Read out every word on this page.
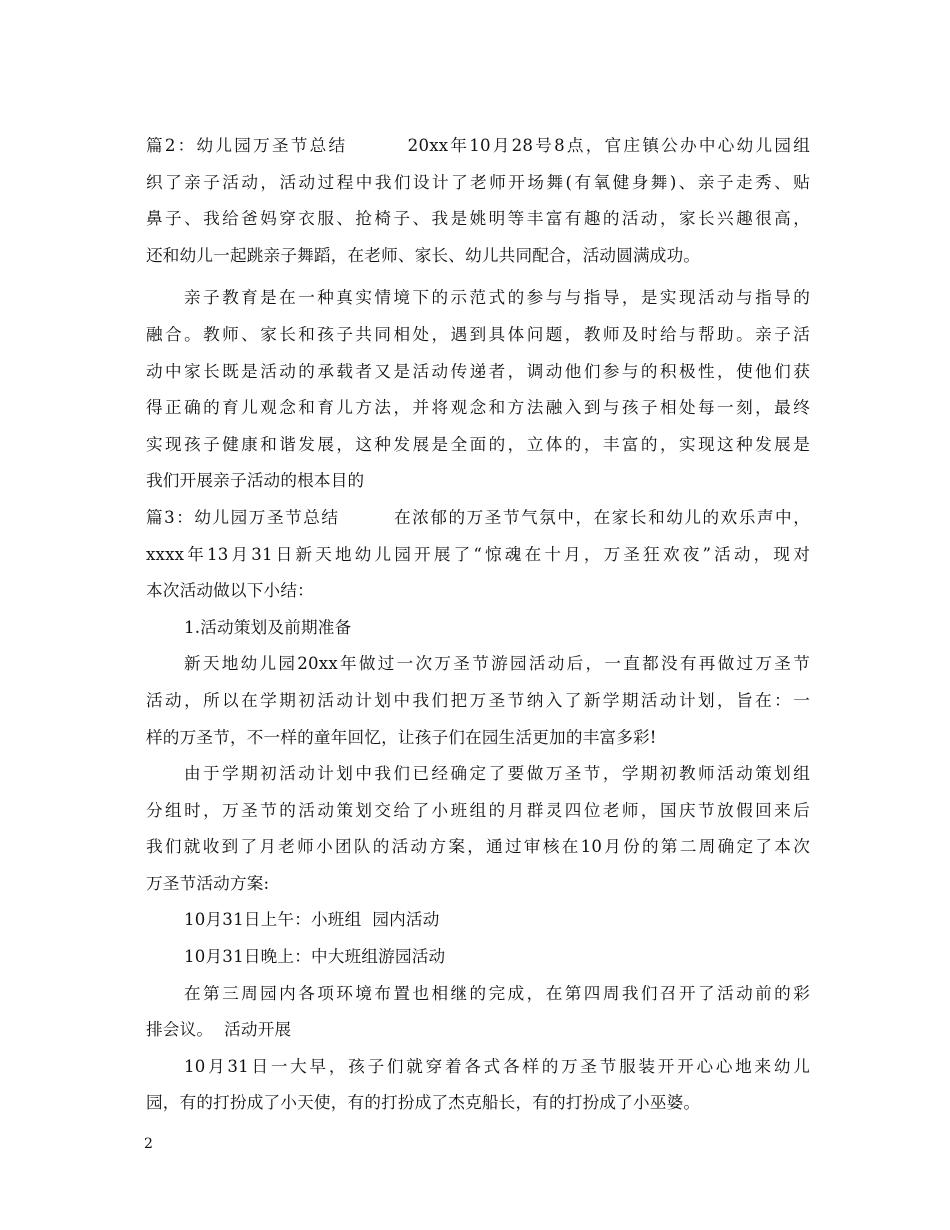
篇2：幼儿园万圣节总结        20xx年10月28号8点，官庄镇公办中心幼儿园组
织了亲子活动，活动过程中我们设计了老师开场舞(有氧健身舞)、亲子走秀、贴
鼻子、我给爸妈穿衣服、抢椅子、我是姚明等丰富有趣的活动，家长兴趣很高，
还和幼儿一起跳亲子舞蹈，在老师、家长、幼儿共同配合，活动圆满成功。
亲子教育是在一种真实情境下的示范式的参与与指导，是实现活动与指导的
融合。教师、家长和孩子共同相处，遇到具体问题，教师及时给与帮助。亲子活
动中家长既是活动的承载者又是活动传递者，调动他们参与的积极性，使他们获
得正确的育儿观念和育儿方法，并将观念和方法融入到与孩子相处每一刻，最终
实现孩子健康和谐发展，这种发展是全面的，立体的，丰富的，实现这种发展是
我们开展亲子活动的根本目的
篇3：幼儿园万圣节总结        在浓郁的万圣节气氛中，在家长和幼儿的欢乐声中，
xxxx年13月31日新天地幼儿园开展了“惊魂在十月，万圣狂欢夜”活动，现对
本次活动做以下小结：
1.活动策划及前期准备
新天地幼儿园20xx年做过一次万圣节游园活动后，一直都没有再做过万圣节
活动，所以在学期初活动计划中我们把万圣节纳入了新学期活动计划，旨在：一
样的万圣节，不一样的童年回忆，让孩子们在园生活更加的丰富多彩!
由于学期初活动计划中我们已经确定了要做万圣节，学期初教师活动策划组
分组时，万圣节的活动策划交给了小班组的月群灵四位老师，国庆节放假回来后
我们就收到了月老师小团队的活动方案，通过审核在10月份的第二周确定了本次
万圣节活动方案:
10月31日上午：小班组  园内活动
10月31日晚上：中大班组游园活动
在第三周园内各项环境布置也相继的完成，在第四周我们召开了活动前的彩
排会议。  活动开展
10月31日一大早，孩子们就穿着各式各样的万圣节服装开开心心地来幼儿
园，有的打扮成了小天使，有的打扮成了杰克船长，有的打扮成了小巫婆。
2
